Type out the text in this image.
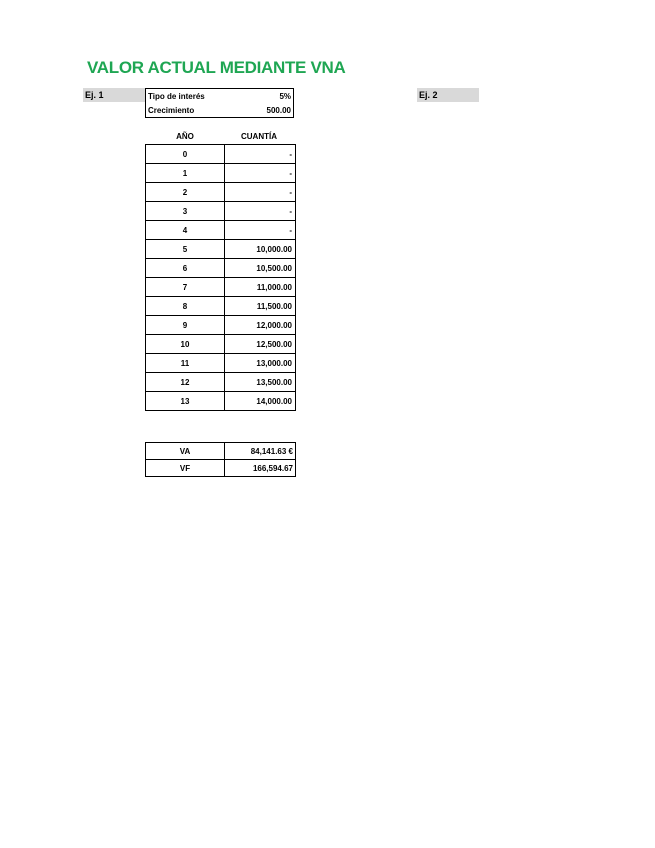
VALOR ACTUAL MEDIANTE VNA
Ej. 1	Ej. 2
Tipo de interés	5%
Crecimiento	500.00
AÑO	CUANTÍA
0	-
1	-
2	-
3	-
4	-
5	10,000.00
6	10,500.00
7	11,000.00
8	11,500.00
9	12,000.00
10	12,500.00
11	13,000.00
12	13,500.00
13	14,000.00
VA	84,141.63 €
VF	166,594.67
